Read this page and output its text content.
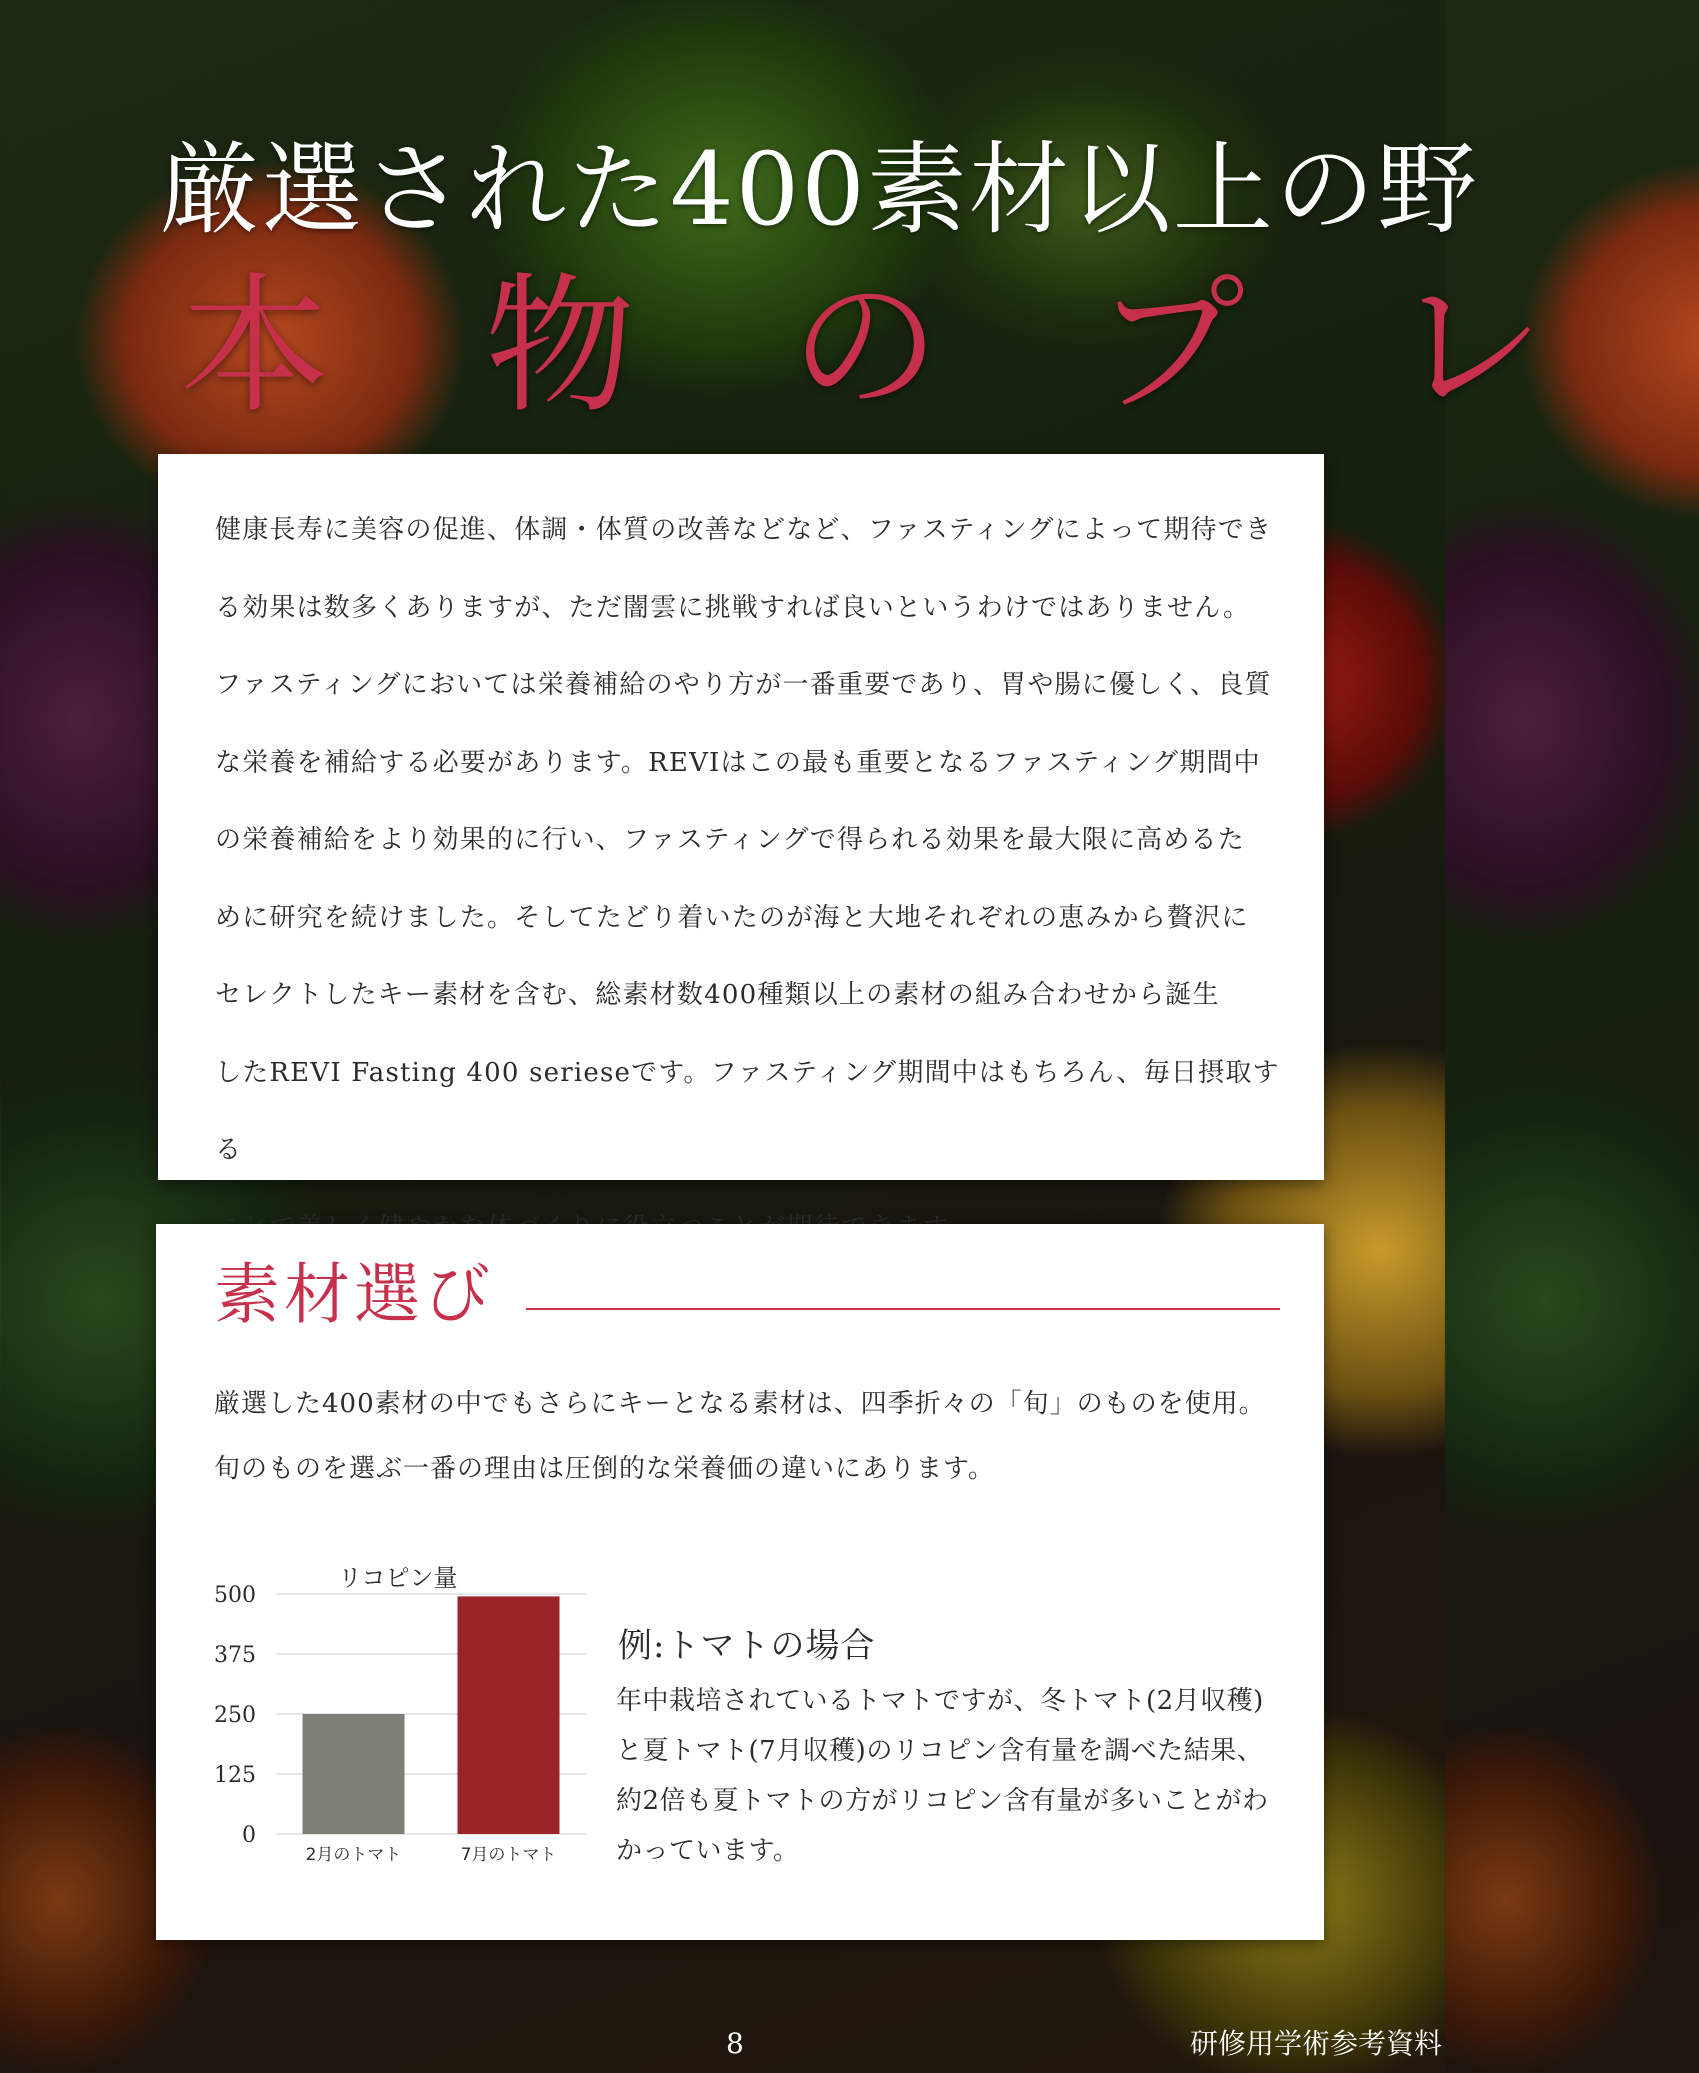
厳選された400素材以上の野
本物のプレ

健康長寿に美容の促進、体調・体質の改善などなど、ファスティングによって期待でき
る効果は数多くありますが、ただ闇雲に挑戦すれば良いというわけではありません。
ファスティングにおいては栄養補給のやり方が一番重要であり、胃や腸に優しく、良質
な栄養を補給する必要があります。REVIはこの最も重要となるファスティング期間中
の栄養補給をより効果的に行い、ファスティングで得られる効果を最大限に高めるた
めに研究を続けました。そしてたどり着いたのが海と大地それぞれの恵みから贅沢に
セレクトしたキー素材を含む、総素材数400種類以上の素材の組み合わせから誕生
したREVI Fasting 400 serieseです。ファスティング期間中はもちろん、毎日摂取する

素材選び

厳選した400素材の中でもさらにキーとなる素材は、四季折々の「旬」のものを使用。
旬のものを選ぶ一番の理由は圧倒的な栄養価の違いにあります。

リコピン量
0
125
250
375
500
2月のトマト	7月のトマト
例:トマトの場合

年中栽培されているトマトですが、冬トマト(2月収穫)
と夏トマト(7月収穫)のリコピン含有量を調べた結果、
約2倍も夏トマトの方がリコピン含有量が多いことがわ
かっています。

8	研修用学術参考資料
